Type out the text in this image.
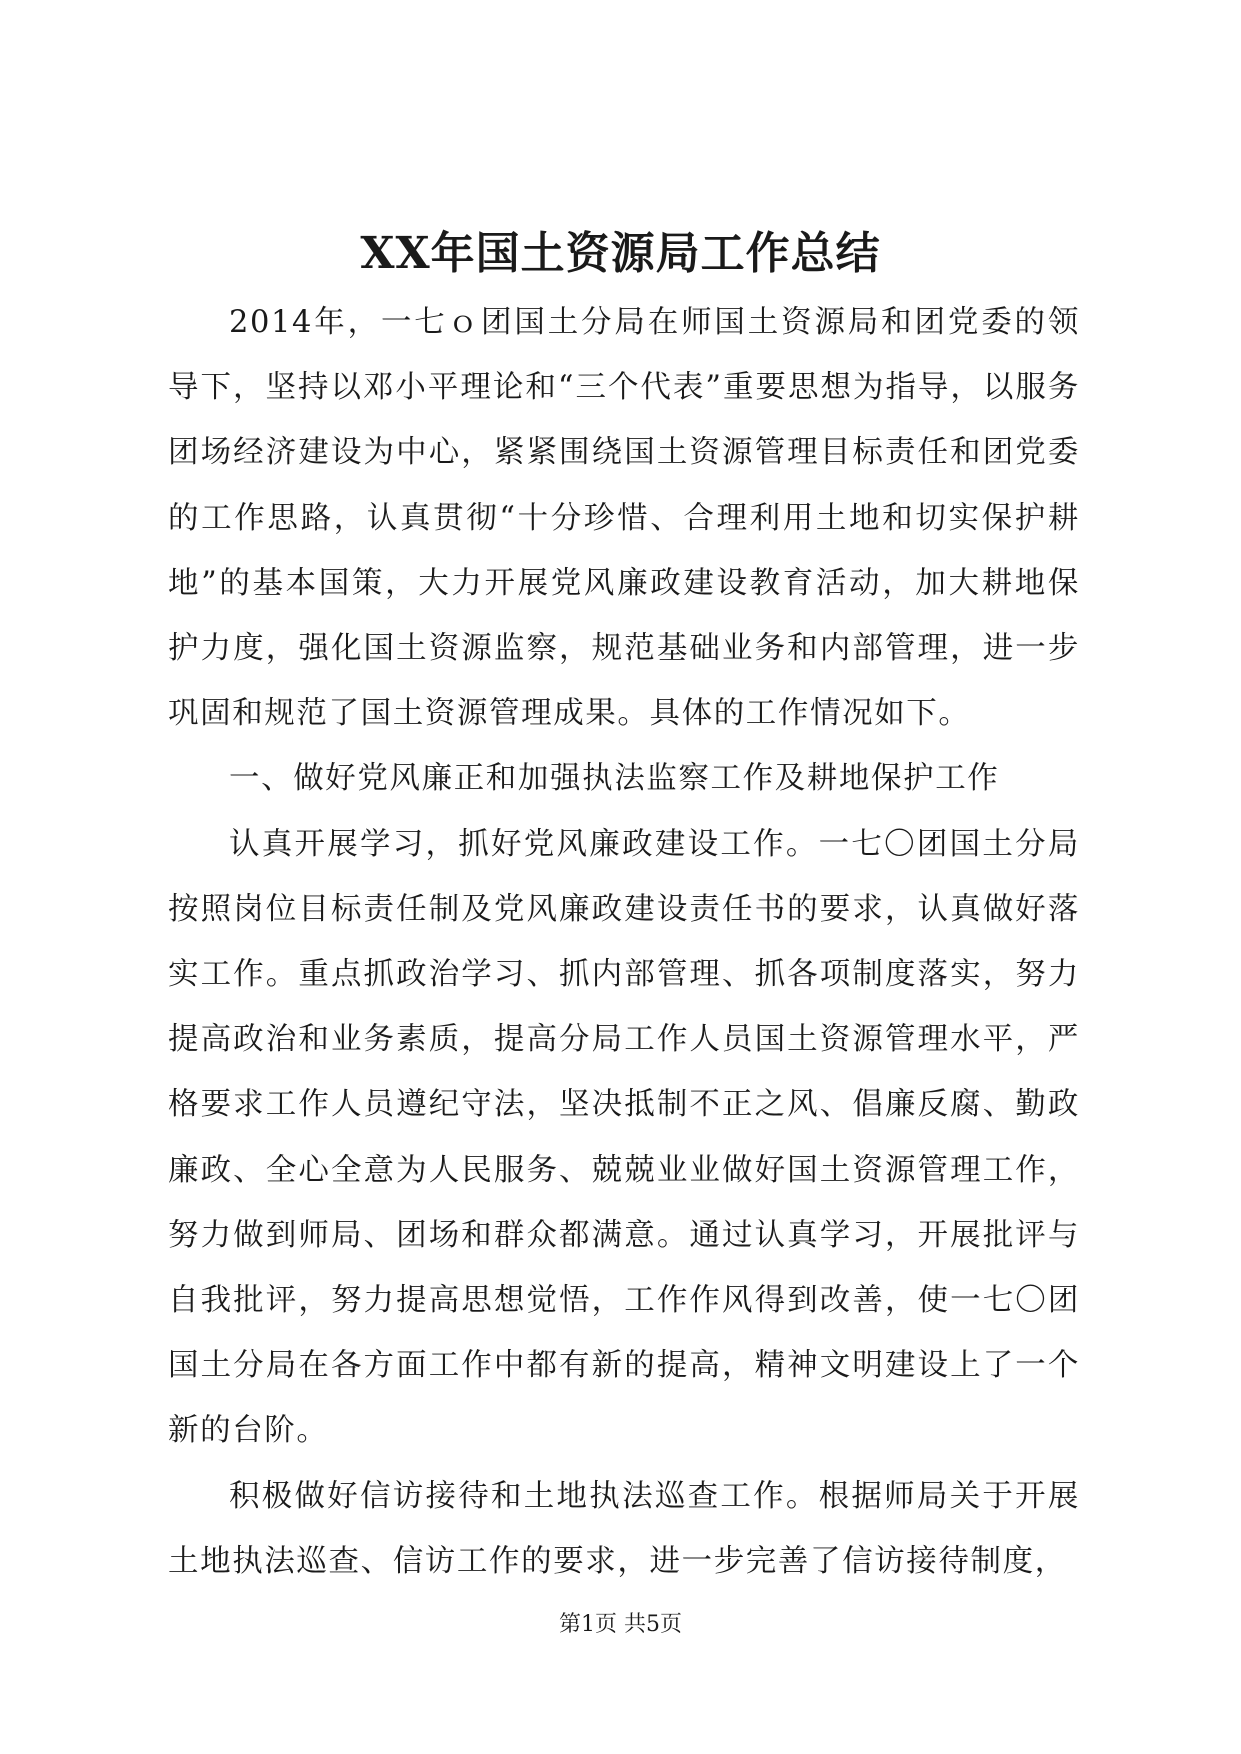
XX年国土资源局工作总结

2014年，一七ｏ团国土分局在师国土资源局和团党委的领导下，坚持以邓小平理论和“三个代表”重要思想为指导，以服务团场经济建设为中心，紧紧围绕国土资源管理目标责任和团党委的工作思路，认真贯彻“十分珍惜、合理利用土地和切实保护耕地”的基本国策，大力开展党风廉政建设教育活动，加大耕地保护力度，强化国土资源监察，规范基础业务和内部管理，进一步巩固和规范了国土资源管理成果。具体的工作情况如下。

一、做好党风廉正和加强执法监察工作及耕地保护工作

认真开展学习，抓好党风廉政建设工作。一七〇团国土分局按照岗位目标责任制及党风廉政建设责任书的要求，认真做好落实工作。重点抓政治学习、抓内部管理、抓各项制度落实，努力提高政治和业务素质，提高分局工作人员国土资源管理水平，严格要求工作人员遵纪守法，坚决抵制不正之风、倡廉反腐、勤政廉政、全心全意为人民服务、兢兢业业做好国土资源管理工作，努力做到师局、团场和群众都满意。通过认真学习，开展批评与自我批评，努力提高思想觉悟，工作作风得到改善，使一七〇团国土分局在各方面工作中都有新的提高，精神文明建设上了一个新的台阶。

积极做好信访接待和土地执法巡查工作。根据师局关于开展土地执法巡查、信访工作的要求，进一步完善了信访接待制度，

第1页 共5页
